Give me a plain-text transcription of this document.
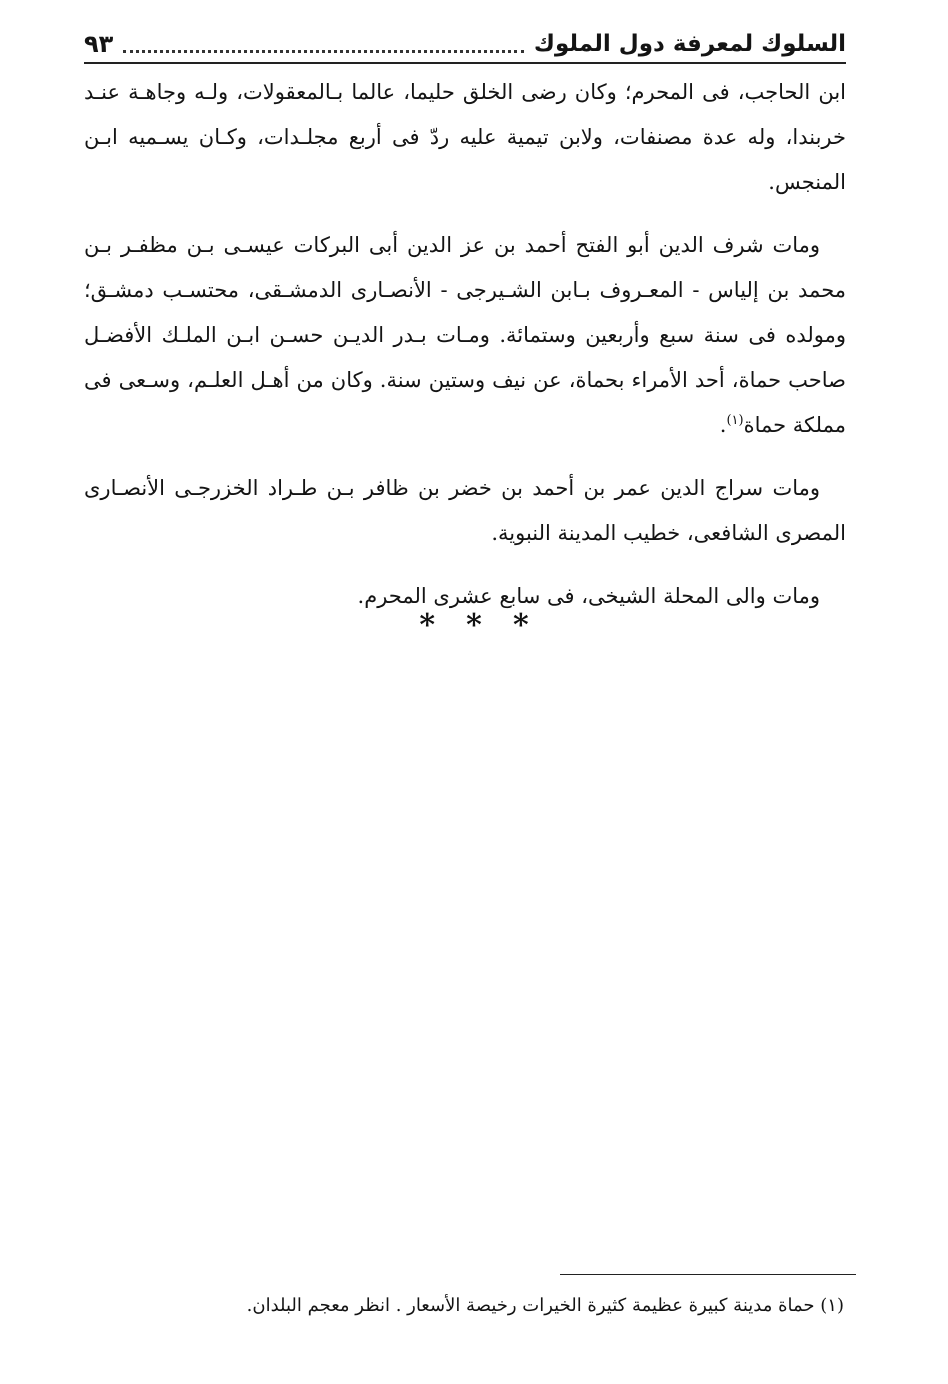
السلوك لمعرفة دول الملوك
٩٣

ابن الحاجب، فى المحرم؛ وكان رضى الخلق حليما، عالما بـالمعقولات، ولـه وجاهـة عنـد خربندا، وله عدة مصنفات، ولابن تيمية عليه ردّ فى أربع مجلـدات، وكـان يسـميه ابـن المنجس.

ومات شرف الدين أبو الفتح أحمد بن عز الدين أبى البركات عيسـى بـن مظفـر بـن محمد بن إلياس - المعـروف بـابن الشـيرجى - الأنصـارى الدمشـقى، محتسـب دمشـق؛ ومولده فى سنة سبع وأربعين وستمائة. ومـات بـدر الديـن حسـن ابـن الملـك الأفضـل صاحب حماة، أحد الأمراء بحماة، عن نيف وستين سنة. وكان من أهـل العلـم، وسـعى فى مملكة حماة$^{(١)}$.

ومات سراج الدين عمر بن أحمد بن خضر بن ظافر بـن طـراد الخزرجـى الأنصـارى المصرى الشافعى، خطيب المدينة النبوية.

ومات والى المحلة الشيخى، فى سابع عشرى المحرم.

* * *
(١) حماة مدينة كبيرة عظيمة كثيرة الخيرات رخيصة الأسعار . انظر معجم البلدان.
